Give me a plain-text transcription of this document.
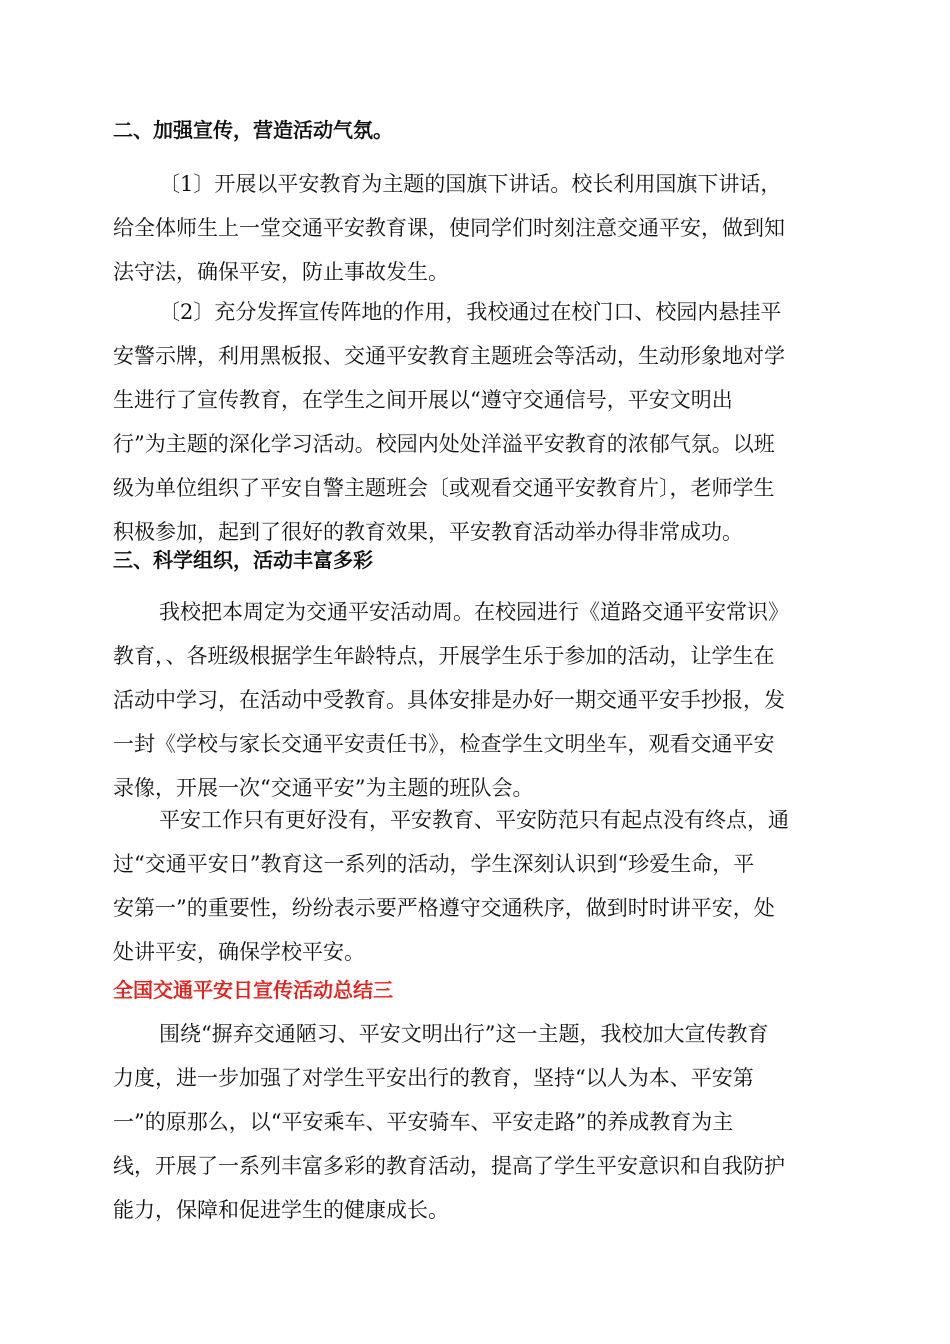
二、加强宣传，营造活动气氛。
〔1〕开展以平安教育为主题的国旗下讲话。校长利用国旗下讲话，
给全体师生上一堂交通平安教育课，使同学们时刻注意交通平安，做到知
法守法，确保平安，防止事故发生。
〔2〕充分发挥宣传阵地的作用，我校通过在校门口、校园内悬挂平
安警示牌，利用黑板报、交通平安教育主题班会等活动，生动形象地对学
生进行了宣传教育，在学生之间开展以“遵守交通信号，平安文明出
行”为主题的深化学习活动。校园内处处洋溢平安教育的浓郁气氛。以班
级为单位组织了平安自警主题班会〔或观看交通平安教育片〕，老师学生
积极参加，起到了很好的教育效果，平安教育活动举办得非常成功。
三、科学组织，活动丰富多彩
我校把本周定为交通平安活动周。在校园进行《道路交通平安常识》
教育，、各班级根据学生年龄特点，开展学生乐于参加的活动，让学生在
活动中学习，在活动中受教育。具体安排是办好一期交通平安手抄报，发
一封《学校与家长交通平安责任书》，检查学生文明坐车，观看交通平安
录像，开展一次“交通平安”为主题的班队会。
平安工作只有更好没有，平安教育、平安防范只有起点没有终点，通
过“交通平安日”教育这一系列的活动，学生深刻认识到“珍爱生命，平
安第一”的重要性，纷纷表示要严格遵守交通秩序，做到时时讲平安，处
处讲平安，确保学校平安。
全国交通平安日宣传活动总结三
围绕“摒弃交通陋习、平安文明出行”这一主题，我校加大宣传教育
力度，进一步加强了对学生平安出行的教育，坚持“以人为本、平安第
一”的原那么，以“平安乘车、平安骑车、平安走路”的养成教育为主
线，开展了一系列丰富多彩的教育活动，提高了学生平安意识和自我防护
能力，保障和促进学生的健康成长。
